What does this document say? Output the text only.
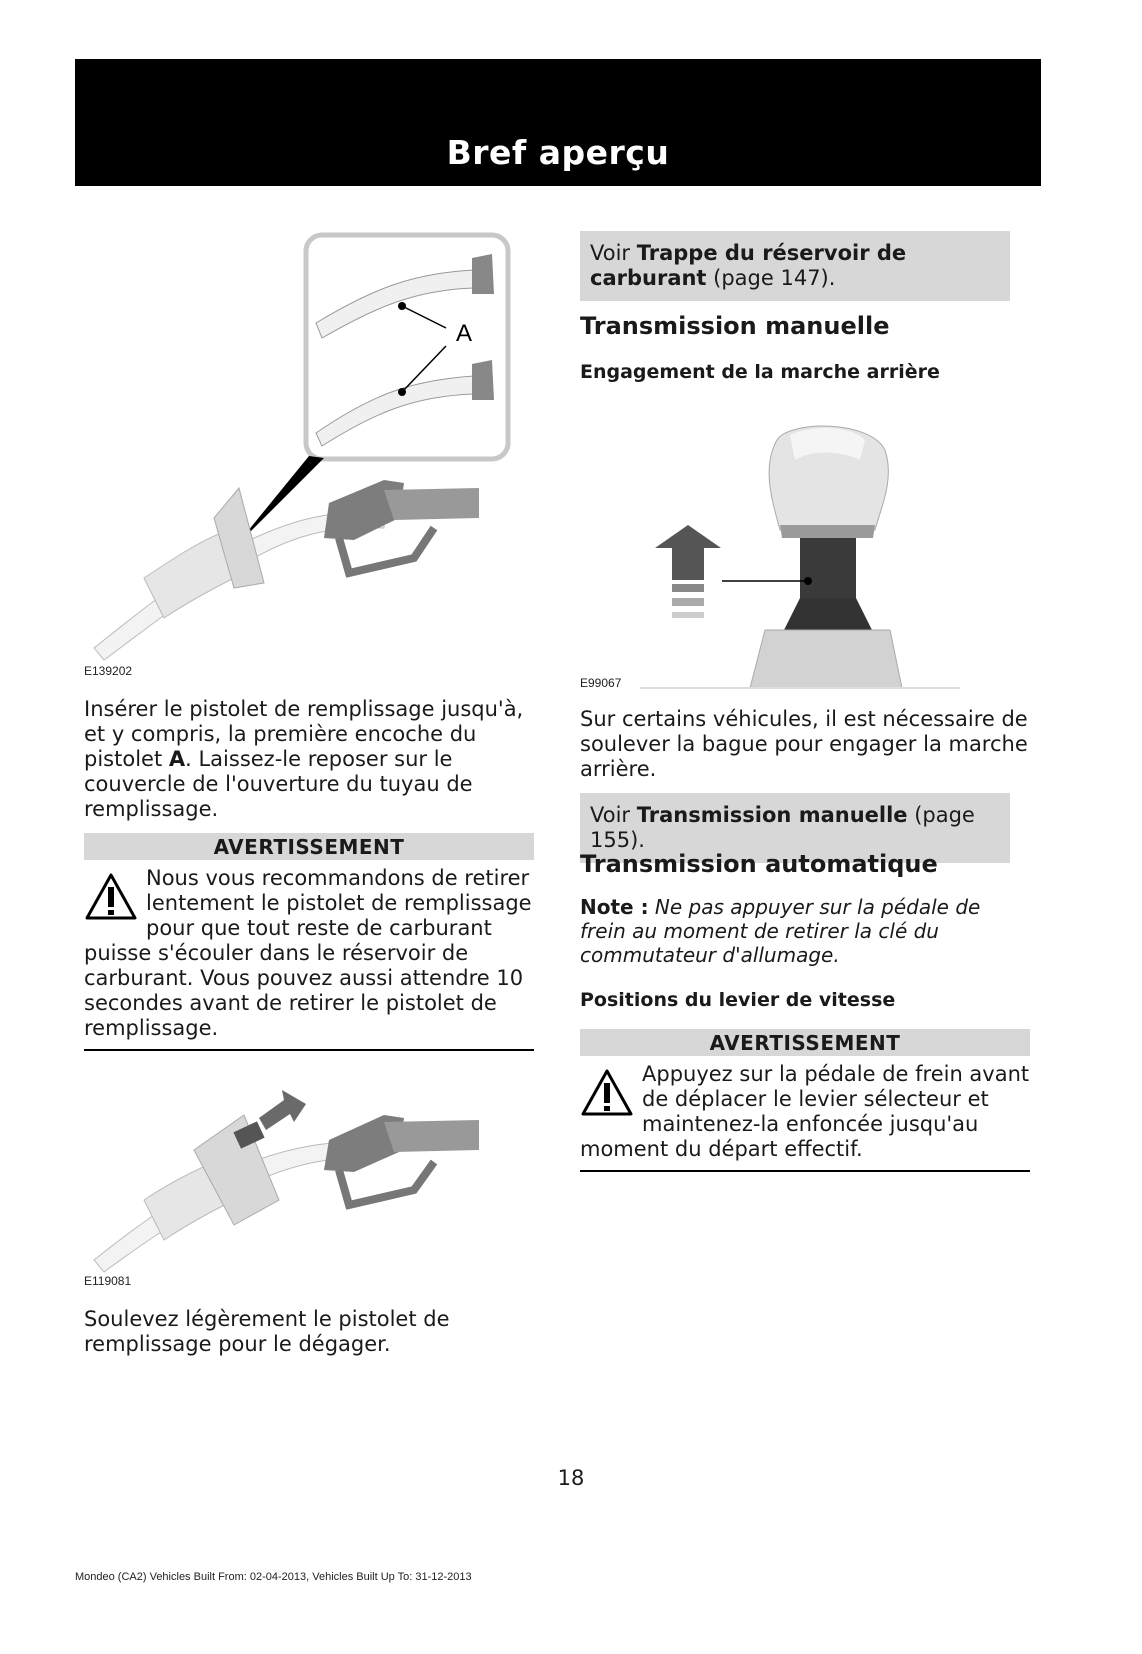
Bref aperçu
A
E139202
Insérer le pistolet de remplissage jusqu'à, et y compris, la première encoche du pistolet A. Laissez-le reposer sur le couvercle de l'ouverture du tuyau de remplissage.
AVERTISSEMENT
Nous vous recommandons de retirer
lentement le pistolet de remplissage
pour que tout reste de carburant
puisse s'écouler dans le réservoir de carburant. Vous pouvez aussi attendre 10 secondes avant de retirer le pistolet de remplissage.
E119081
Soulevez légèrement le pistolet de remplissage pour le dégager.
Voir Trappe du réservoir de carburant (page 147).
Transmission manuelle
Engagement de la marche arrière
E99067
Sur certains véhicules, il est nécessaire de soulever la bague pour engager la marche arrière.
Voir Transmission manuelle (page 155).
Transmission automatique
Note : Ne pas appuyer sur la pédale de frein au moment de retirer la clé du commutateur d'allumage.
Positions du levier de vitesse
AVERTISSEMENT
Appuyez sur la pédale de frein avant
de déplacer le levier sélecteur et
maintenez-la enfoncée jusqu'au
moment du départ effectif.
18
Mondeo (CA2) Vehicles Built From: 02-04-2013, Vehicles Built Up To: 31-12-2013
